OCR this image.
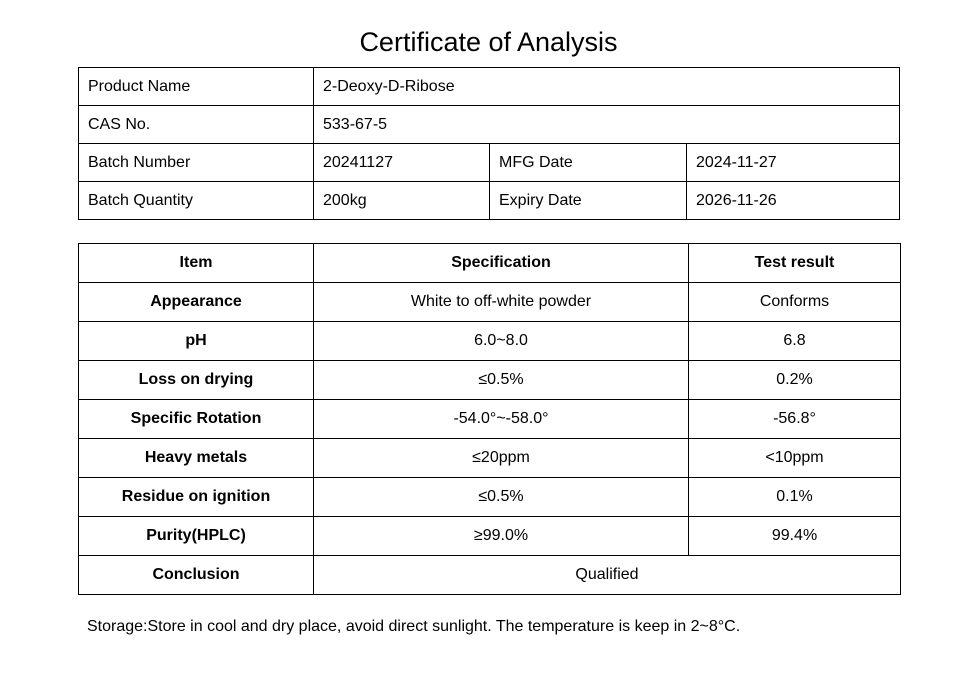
Certificate of Analysis
Product Name	2-Deoxy-D-Ribose		
CAS No.	533-67-5		
Batch Number	20241127	MFG Date	2024-11-27
Batch Quantity	200kg	Expiry Date	2026-11-26
Item	Specification	Test result
Appearance	White to off-white powder	Conforms
pH	6.0~8.0	6.8
Loss on drying	≤0.5%	0.2%
Specific Rotation	-54.0°~-58.0°	-56.8°
Heavy metals	≤20ppm	<10ppm
Residue on ignition	≤0.5%	0.1%
Purity(HPLC)	≥99.0%	99.4%
Conclusion	Qualified	
Storage:Store in cool and dry place, avoid direct sunlight. The temperature is keep in 2~8°C.
